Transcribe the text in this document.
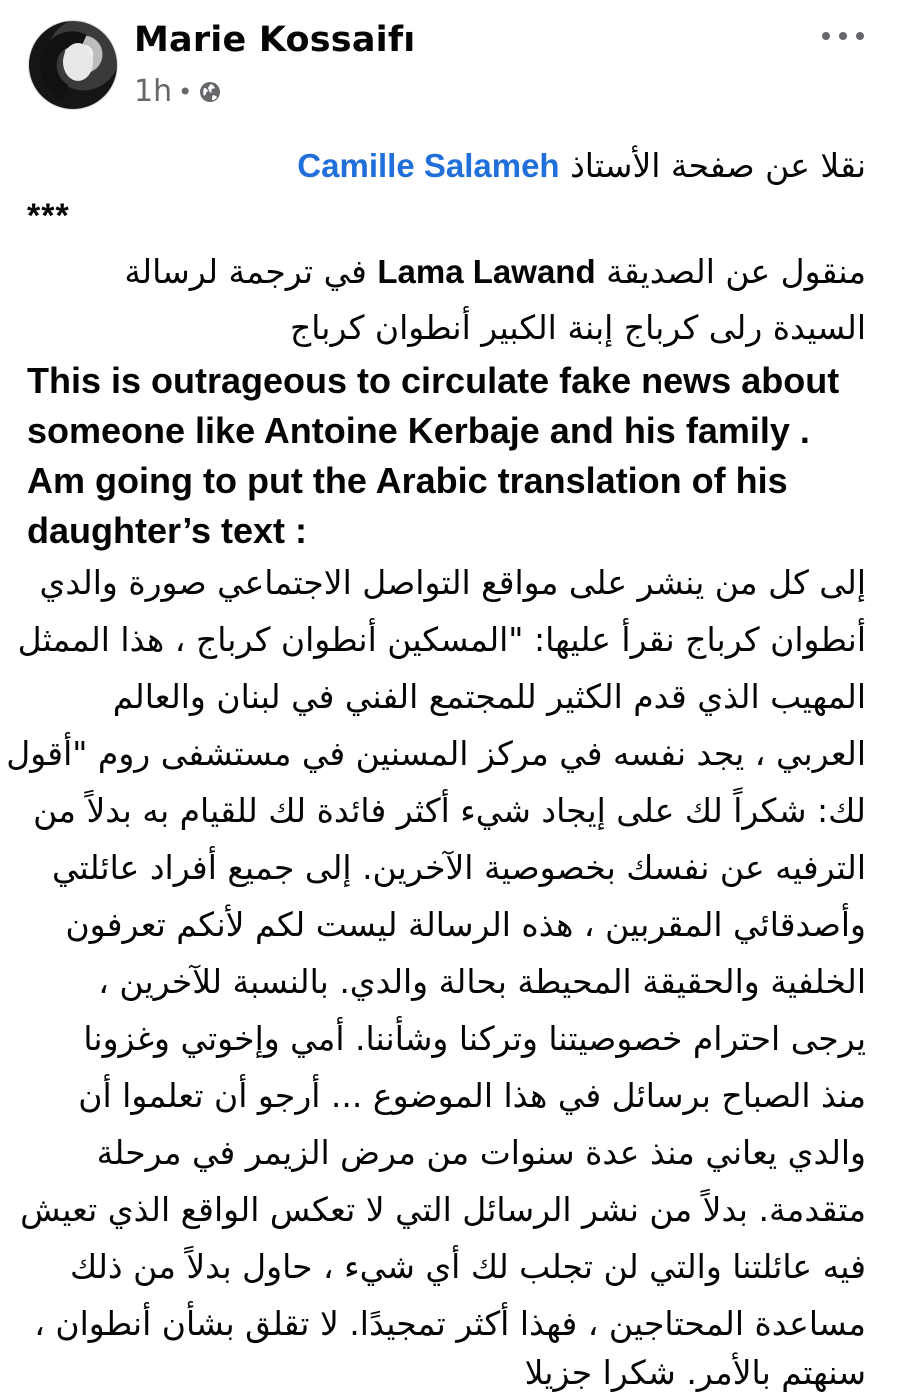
Marie Kossaifı
1h •
نقلا عن صفحة الأستاذ Camille Salameh
***
منقول عن الصديقة Lama Lawand في ترجمة لرسالة
السيدة رلى كرباج إبنة الكبير أنطوان كرباج
This is outrageous to circulate fake news about
someone like Antoine Kerbaje and his family .
Am going to put the Arabic translation of his
daughter’s text :
إلى كل من ينشر على مواقع التواصل الاجتماعي صورة والدي
أنطوان كرباج نقرأ عليها: "المسكين أنطوان كرباج ، هذا الممثل
المهيب الذي قدم الكثير للمجتمع الفني في لبنان والعالم
العربي ، يجد نفسه في مركز المسنين في مستشفى روم "أقول
لك: شكراً لك على إيجاد شيء أكثر فائدة لك للقيام به بدلاً من
الترفيه عن نفسك بخصوصية الآخرين. إلى جميع أفراد عائلتي
وأصدقائي المقربين ، هذه الرسالة ليست لكم لأنكم تعرفون
الخلفية والحقيقة المحيطة بحالة والدي. بالنسبة للآخرين ،
يرجى احترام خصوصيتنا وتركنا وشأننا. أمي وإخوتي وغزونا
منذ الصباح برسائل في هذا الموضوع ... أرجو أن تعلموا أن
والدي يعاني منذ عدة سنوات من مرض الزيمر في مرحلة
متقدمة. بدلاً من نشر الرسائل التي لا تعكس الواقع الذي تعيش
فيه عائلتنا والتي لن تجلب لك أي شيء ، حاول بدلاً من ذلك
مساعدة المحتاجين ، فهذا أكثر تمجيدًا. لا تقلق بشأن أنطوان ،
سنهتم بالأمر. شكرا جزيلا
